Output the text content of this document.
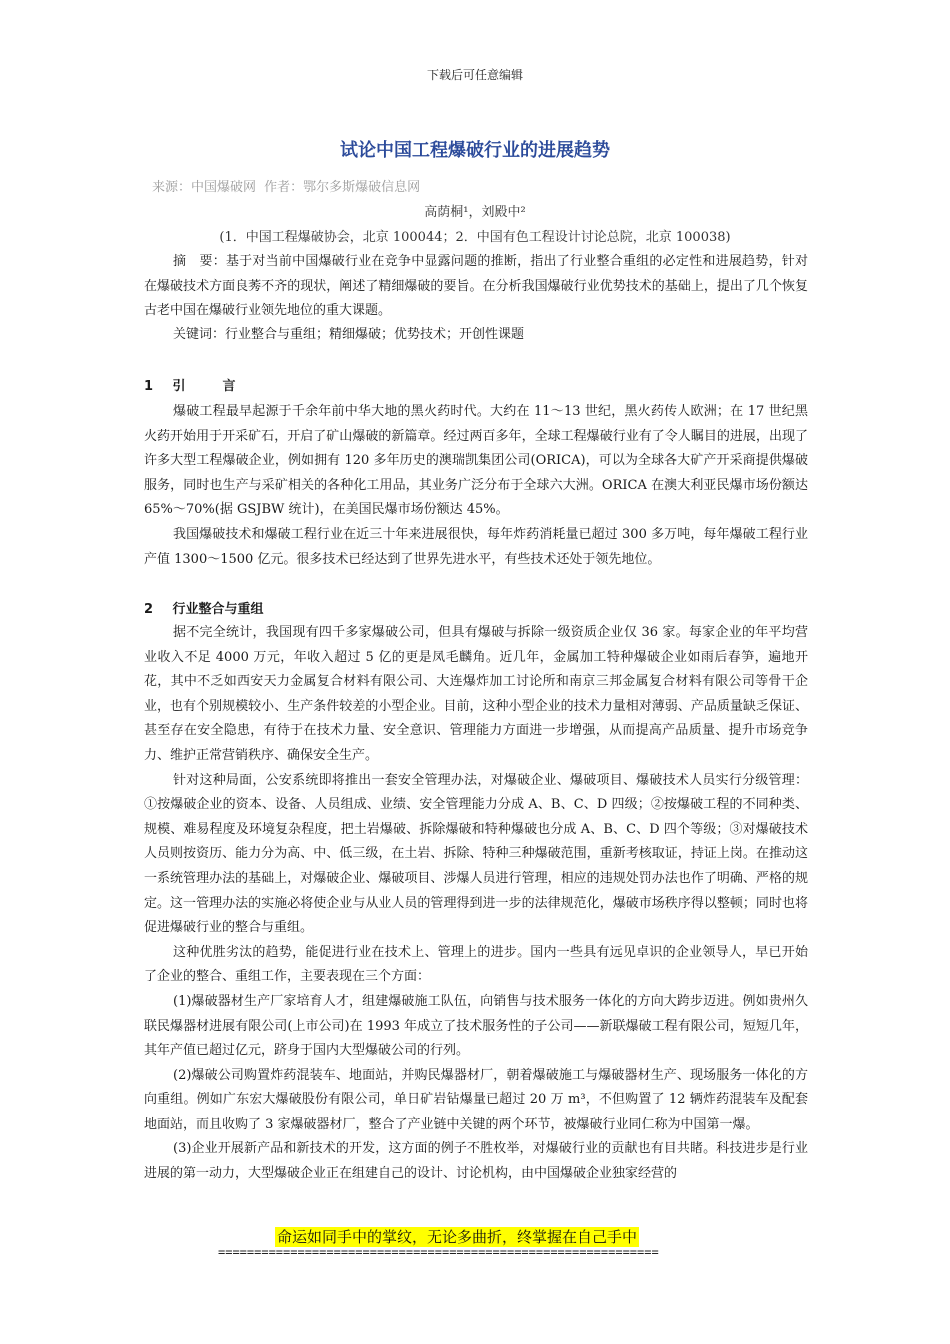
下载后可任意编辑
试论中国工程爆破行业的进展趋势
来源：中国爆破网 作者：鄂尔多斯爆破信息网
高荫桐¹，刘殿中²
(1．中国工程爆破协会，北京 100044；2．中国有色工程设计讨论总院，北京 100038)

摘　要：基于对当前中国爆破行业在竞争中显露问题的推断，指出了行业整合重组的必定性和进展趋势，针对在爆破技术方面良莠不齐的现状，阐述了精细爆破的要旨。在分析我国爆破行业优势技术的基础上，提出了几个恢复古老中国在爆破行业领先地位的重大课题。

关键词：行业整合与重组；精细爆破；优势技术；开创性课题
1 引　言

爆破工程最早起源于千余年前中华大地的黑火药时代。大约在 11～13 世纪，黑火药传人欧洲；在 17 世纪黑火药开始用于开采矿石，开启了矿山爆破的新篇章。经过两百多年，全球工程爆破行业有了令人瞩目的进展，出现了许多大型工程爆破企业，例如拥有 120 多年历史的澳瑞凯集团公司(ORICA)，可以为全球各大矿产开采商提供爆破服务，同时也生产与采矿相关的各种化工用品，其业务广泛分布于全球六大洲。ORICA 在澳大利亚民爆市场份额达 65%～70%(据 GSJBW 统计)，在美国民爆市场份额达 45%。

我国爆破技术和爆破工程行业在近三十年来进展很快，每年炸药消耗量已超过 300 多万吨，每年爆破工程行业产值 1300～1500 亿元。很多技术已经达到了世界先进水平，有些技术还处于领先地位。

2 行业整合与重组

据不完全统计，我国现有四千多家爆破公司，但具有爆破与拆除一级资质企业仅 36 家。每家企业的年平均营业收入不足 4000 万元，年收入超过 5 亿的更是凤毛麟角。近几年，金属加工特种爆破企业如雨后春笋，遍地开花，其中不乏如西安天力金属复合材料有限公司、大连爆炸加工讨论所和南京三邦金属复合材料有限公司等骨干企业，也有个别规模较小、生产条件较差的小型企业。目前，这种小型企业的技术力量相对薄弱、产品质量缺乏保证、甚至存在安全隐患，有待于在技术力量、安全意识、管理能力方面进一步增强，从而提高产品质量、提升市场竞争力、维护正常营销秩序、确保安全生产。

针对这种局面，公安系统即将推出一套安全管理办法，对爆破企业、爆破项目、爆破技术人员实行分级管理：①按爆破企业的资本、设备、人员组成、业绩、安全管理能力分成 A、B、C、D 四级；②按爆破工程的不同种类、规模、难易程度及环境复杂程度，把土岩爆破、拆除爆破和特种爆破也分成 A、B、C、D 四个等级；③对爆破技术人员则按资历、能力分为高、中、低三级，在土岩、拆除、特种三种爆破范围，重新考核取证，持证上岗。在推动这一系统管理办法的基础上，对爆破企业、爆破项目、涉爆人员进行管理，相应的违规处罚办法也作了明确、严格的规定。这一管理办法的实施必将使企业与从业人员的管理得到进一步的法律规范化，爆破市场秩序得以整顿；同时也将促进爆破行业的整合与重组。

这种优胜劣汰的趋势，能促进行业在技术上、管理上的进步。国内一些具有远见卓识的企业领导人，早已开始了企业的整合、重组工作，主要表现在三个方面：

(1)爆破器材生产厂家培育人才，组建爆破施工队伍，向销售与技术服务一体化的方向大跨步迈进。例如贵州久联民爆器材进展有限公司(上市公司)在 1993 年成立了技术服务性的子公司——新联爆破工程有限公司，短短几年，其年产值已超过亿元，跻身于国内大型爆破公司的行列。

(2)爆破公司购置炸药混装车、地面站，并购民爆器材厂，朝着爆破施工与爆破器材生产、现场服务一体化的方向重组。例如广东宏大爆破股份有限公司，单日矿岩钻爆量已超过 20 万 m³，不但购置了 12 辆炸药混装车及配套地面站，而且收购了 3 家爆破器材厂，整合了产业链中关键的两个环节，被爆破行业同仁称为中国第一爆。

(3)企业开展新产品和新技术的开发，这方面的例子不胜枚举，对爆破行业的贡献也有目共睹。科技进步是行业进展的第一动力，大型爆破企业正在组建自己的设计、讨论机构，由中国爆破企业独家经营的

命运如同手中的掌纹，无论多曲折，终掌握在自己手中
=============================================================
